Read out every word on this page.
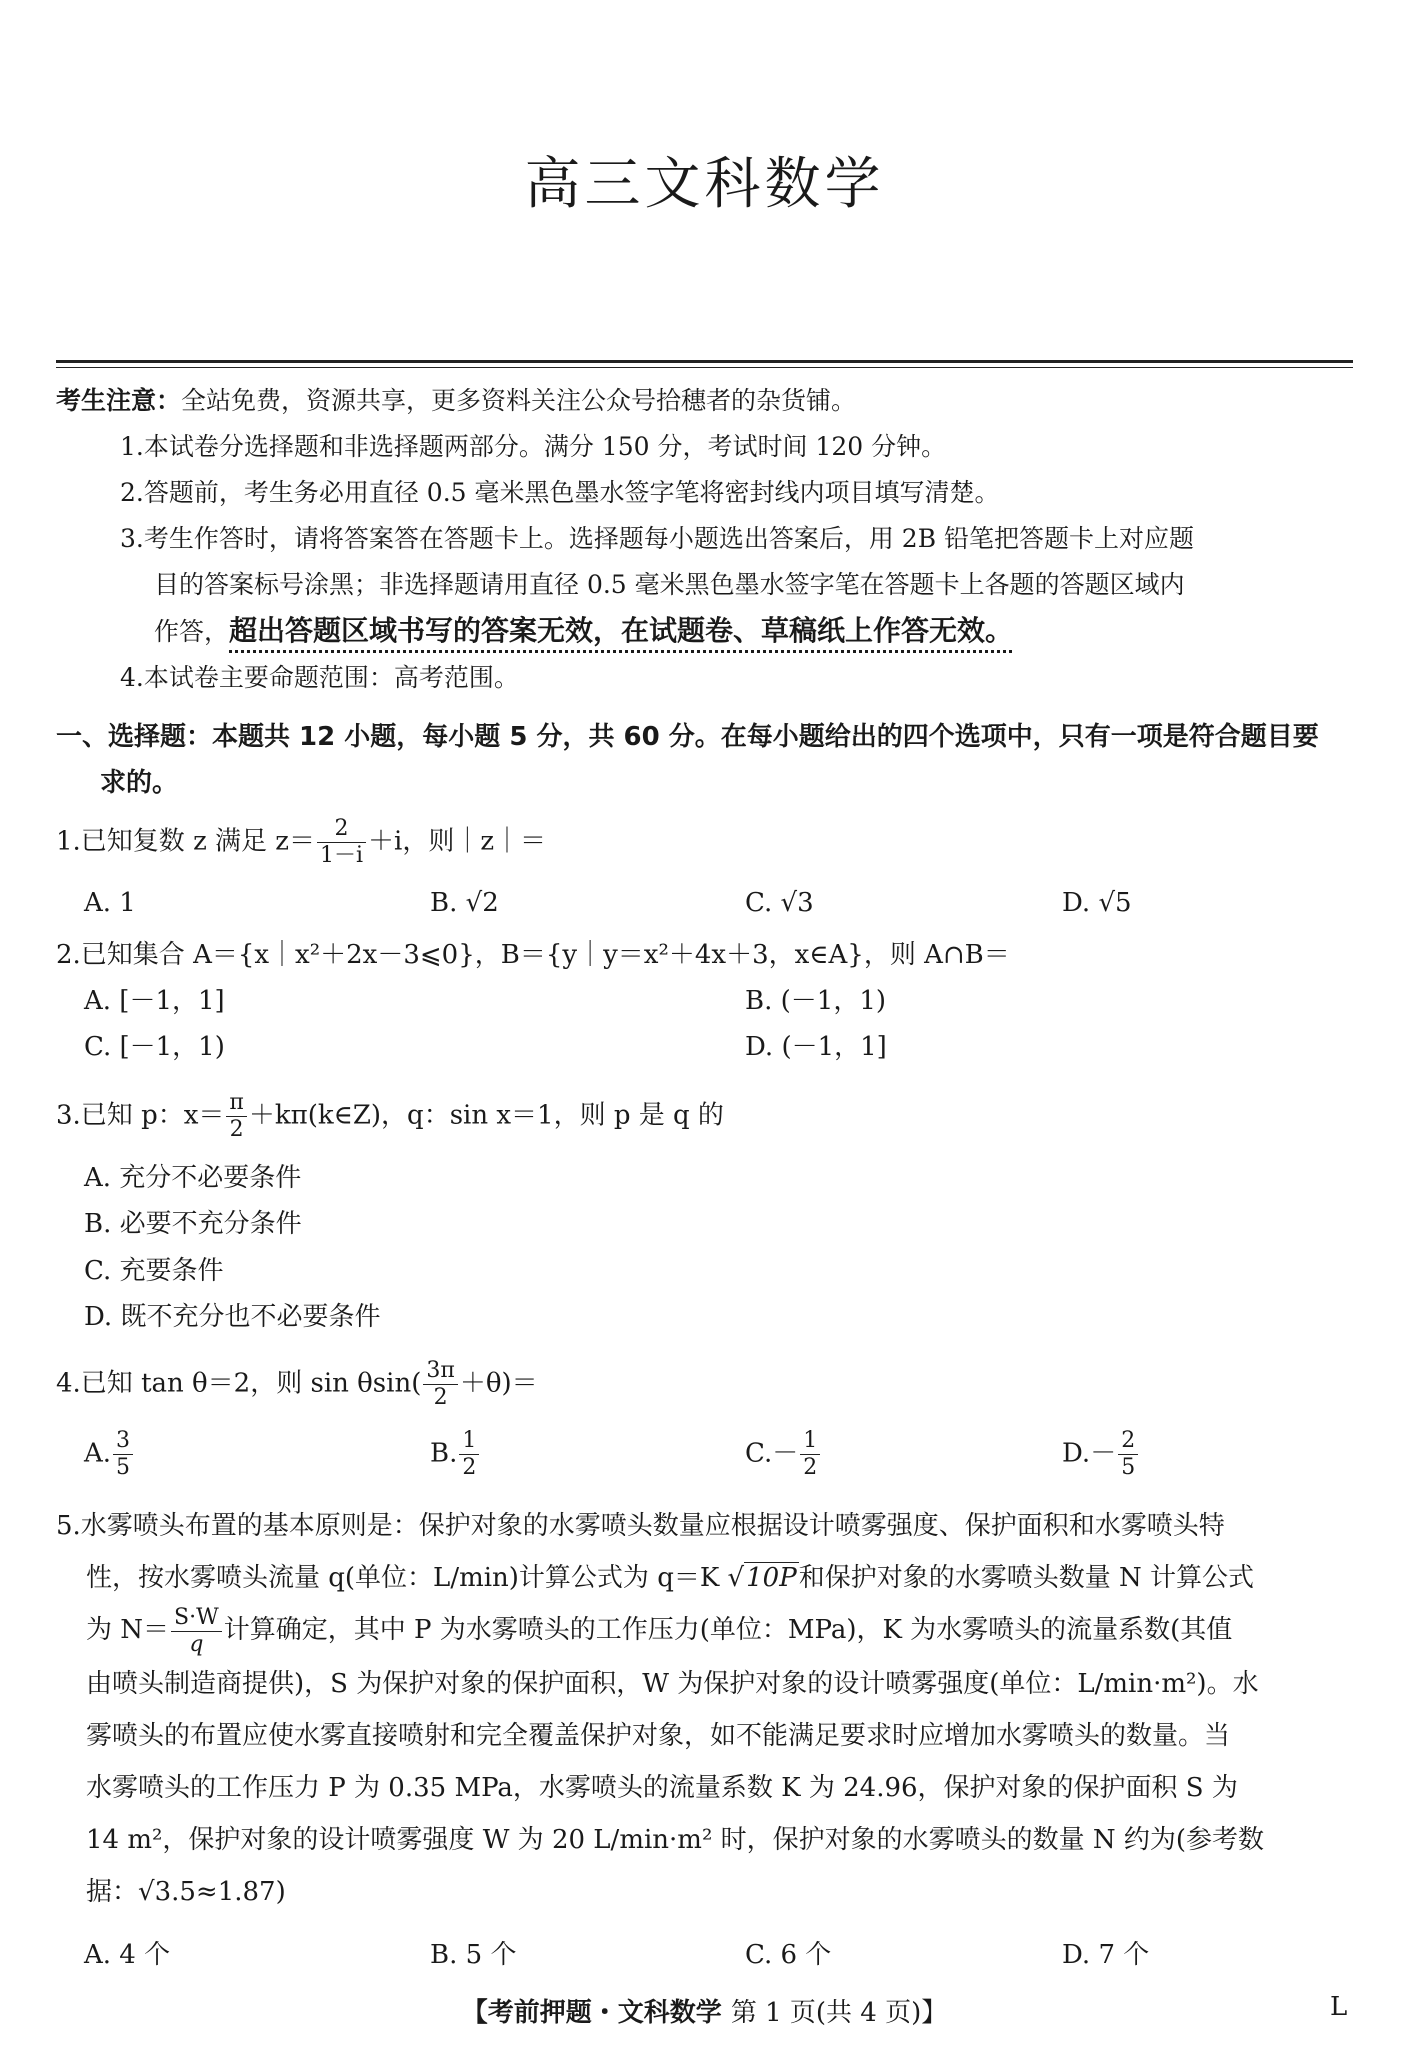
高三文科数学
考生注意：全站免费，资源共享，更多资料关注公众号拾穗者的杂货铺。
1.本试卷分选择题和非选择题两部分。满分 150 分，考试时间 120 分钟。
2.答题前，考生务必用直径 0.5 毫米黑色墨水签字笔将密封线内项目填写清楚。
3.考生作答时，请将答案答在答题卡上。选择题每小题选出答案后，用 2B 铅笔把答题卡上对应题
目的答案标号涂黑；非选择题请用直径 0.5 毫米黑色墨水签字笔在答题卡上各题的答题区域内
作答，超出答题区域书写的答案无效，在试题卷、草稿纸上作答无效。
4.本试卷主要命题范围：高考范围。
一、选择题：本题共 12 小题，每小题 5 分，共 60 分。在每小题给出的四个选项中，只有一项是符合题目要
求的。
1.已知复数 z 满足 $z= \frac{2}{1-i} +i$，则｜z｜＝
A. 1	B. √2	C. √3	D. √5
2.已知集合 A＝{x｜x²＋2x－3⩽0}，B＝{y｜y＝x²＋4x＋3，x∈A}，则 A∩B＝
A. [－1，1]	B. (－1，1)
C. [－1，1)	D. (－1，1]
3.已知 p：$x= \frac{\pi}{2}$ ＋kπ(k∈Z)，q：sin x＝1，则 p 是 q 的
A. 充分不必要条件
B. 必要不充分条件
C. 充要条件
D. 既不充分也不必要条件
4.已知 tan θ＝2，则 $\sin \theta\sin( \frac{3\pi}{2} +\theta)=$
A. $\frac{3}{5}$	B. $\frac{1}{2}$	$C.- \frac{1}{2}$	$D.- \frac{2}{5}$
5.水雾喷头布置的基本原则是：保护对象的水雾喷头数量应根据设计喷雾强度、保护面积和水雾喷头特
性，按水雾喷头流量 q(单位：L/min)计算公式为 q＝K √10P和保护对象的水雾喷头数量 N 计算公式
为 $N= \frac{S\cdot W}{q}$ 计算确定，其中 P 为水雾喷头的工作压力(单位：MPa)，K 为水雾喷头的流量系数(其值
由喷头制造商提供)，S 为保护对象的保护面积，W 为保护对象的设计喷雾强度(单位：L/min·m²)。水
雾喷头的布置应使水雾直接喷射和完全覆盖保护对象，如不能满足要求时应增加水雾喷头的数量。当
水雾喷头的工作压力 P 为 0.35 MPa，水雾喷头的流量系数 K 为 24.96，保护对象的保护面积 S 为
14 m²，保护对象的设计喷雾强度 W 为 20 L/min·m² 时，保护对象的水雾喷头的数量 N 约为(参考数
据：√3.5≈1.87)
A. 4 个	B. 5 个	C. 6 个	D. 7 个
【考前押题・文科数学 第 1 页(共 4 页)】	L
